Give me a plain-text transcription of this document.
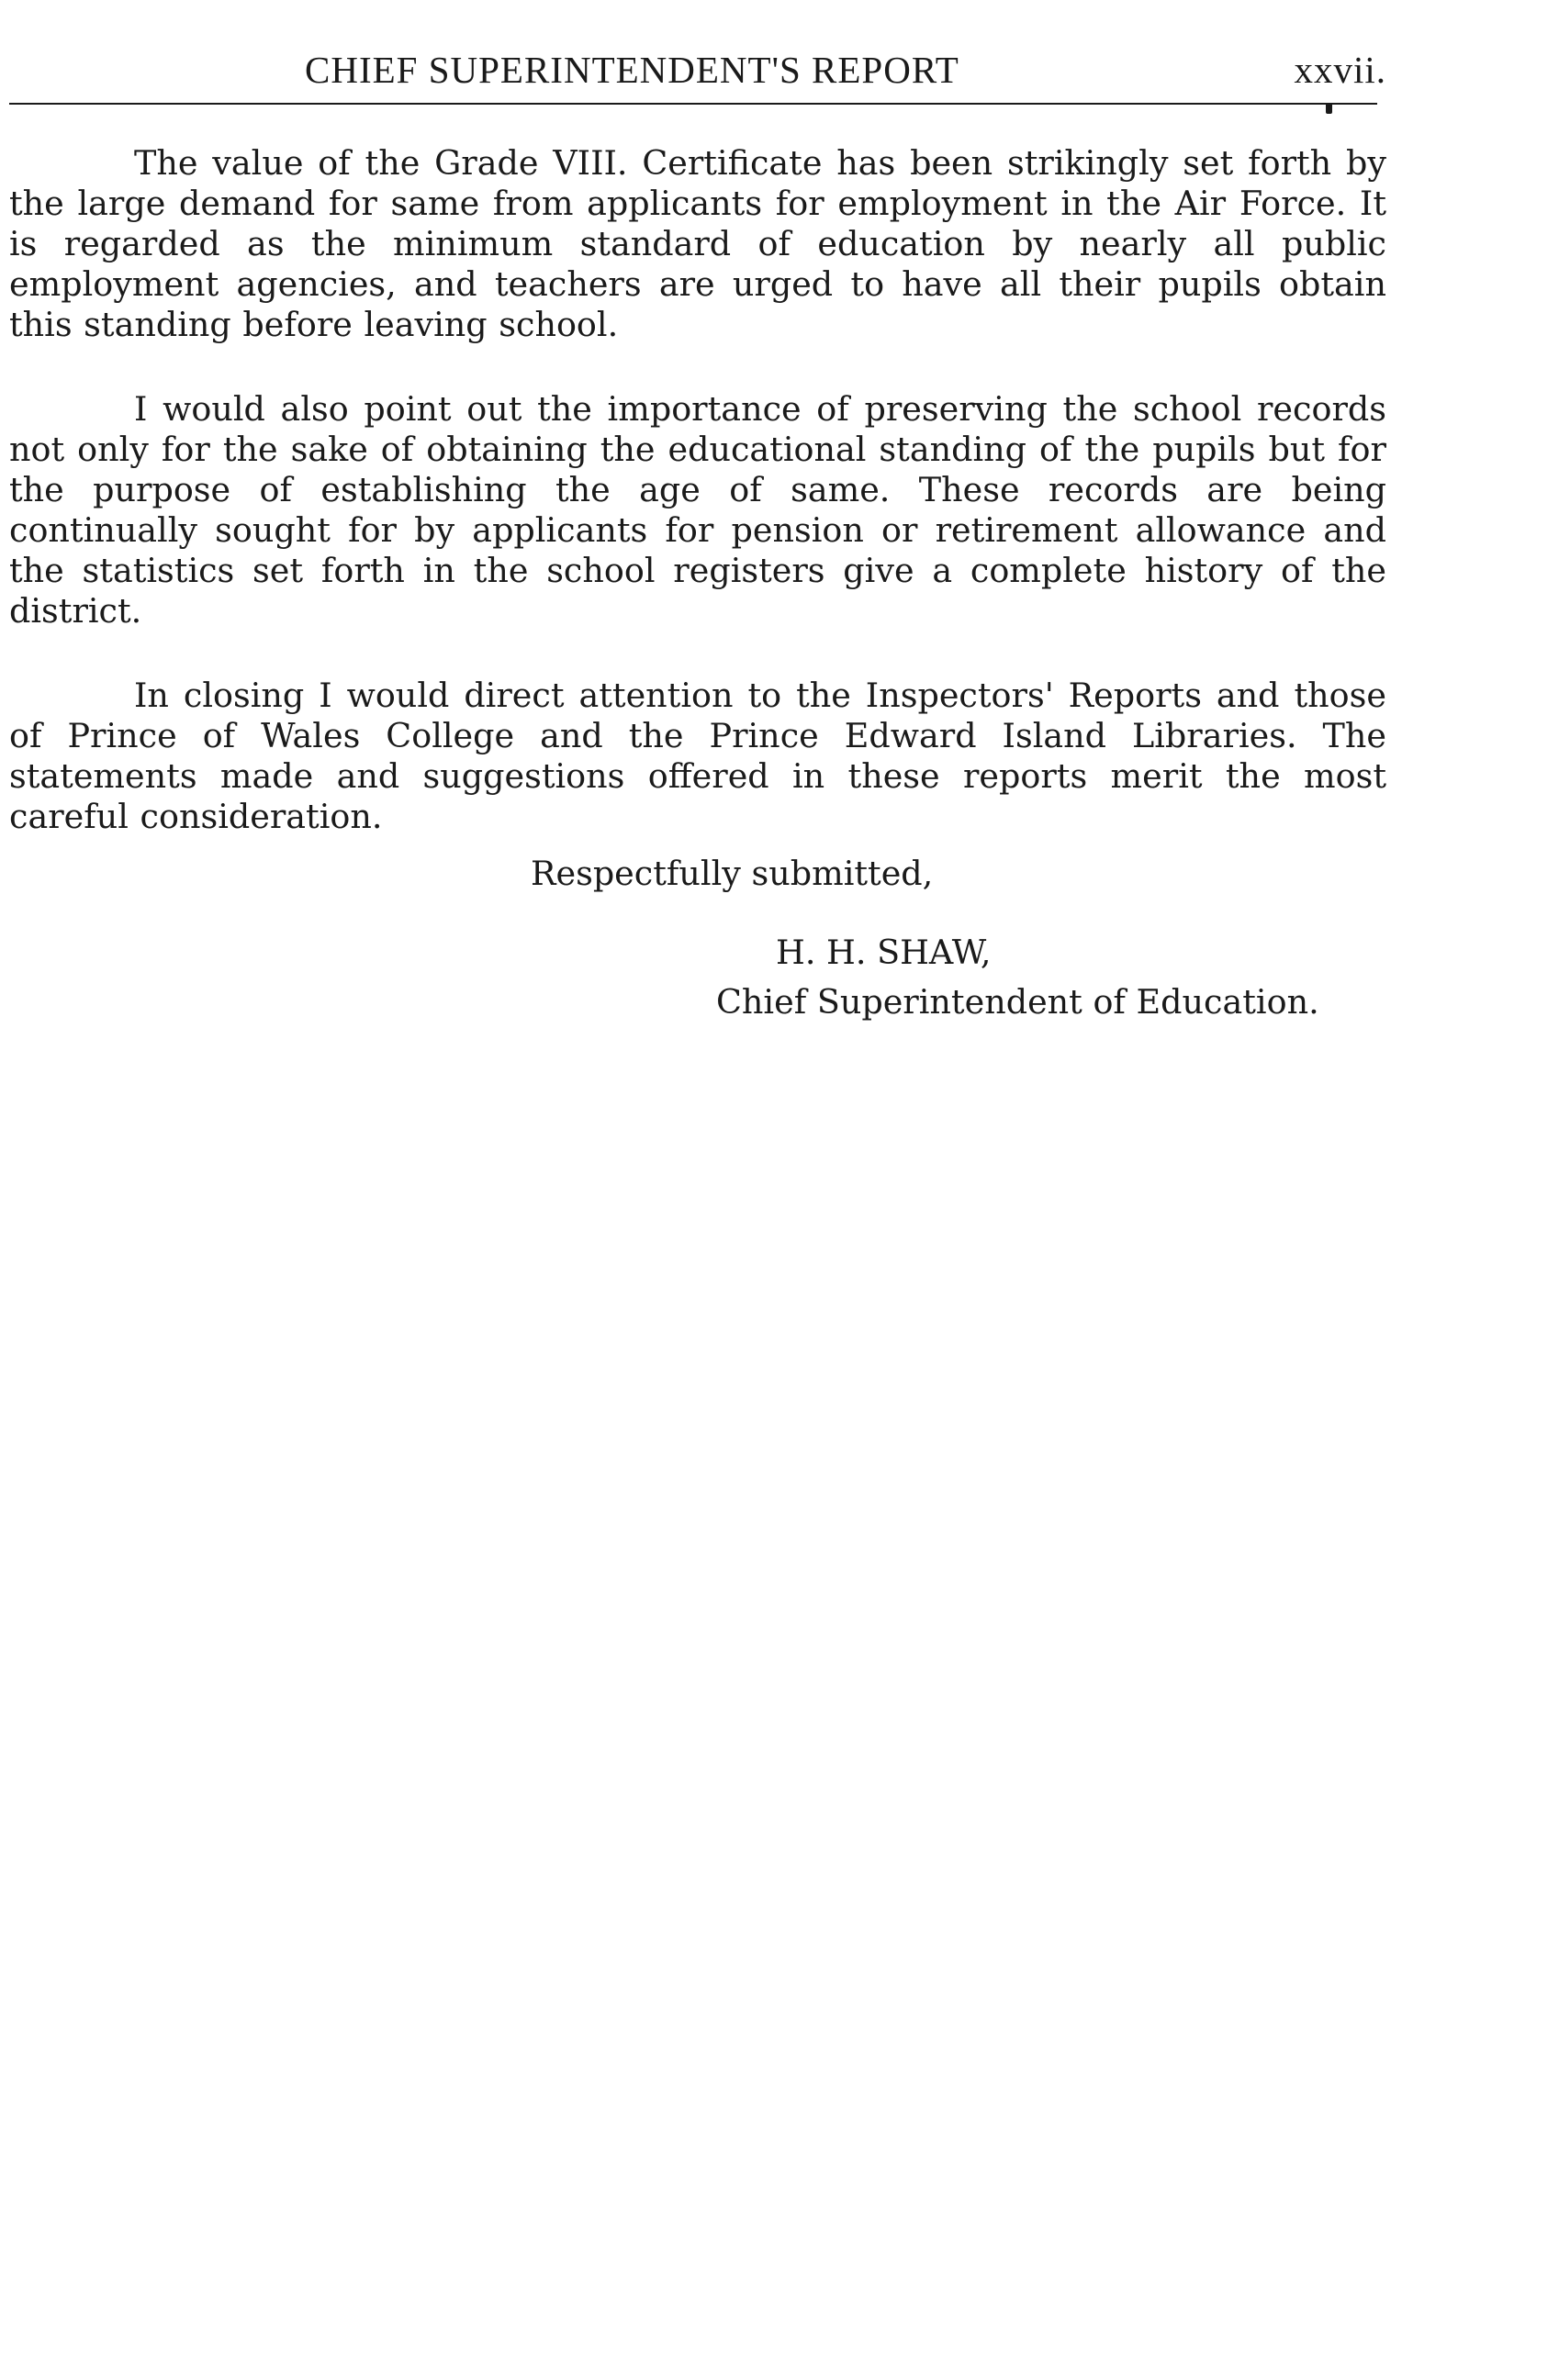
CHIEF SUPERINTENDENT'S REPORT	xxvii.

The value of the Grade VIII. Certificate has been strikingly set forth by the large demand for same from applicants for employment in the Air Force. It is regarded as the minimum standard of education by nearly all public employment agencies, and teachers are urged to have all their pupils obtain this standing before leaving school.

I would also point out the importance of preserving the school records not only for the sake of obtaining the educational standing of the pupils but for the purpose of establishing the age of same. These records are being continually sought for by applicants for pension or retirement allowance and the statistics set forth in the school registers give a complete history of the district.

In closing I would direct attention to the Inspectors' Reports and those of Prince of Wales College and the Prince Edward Island Libraries. The statements made and suggestions offered in these reports merit the most careful consideration.

Respectfully submitted,
H. H. SHAW,
Chief Superintendent of Education.
